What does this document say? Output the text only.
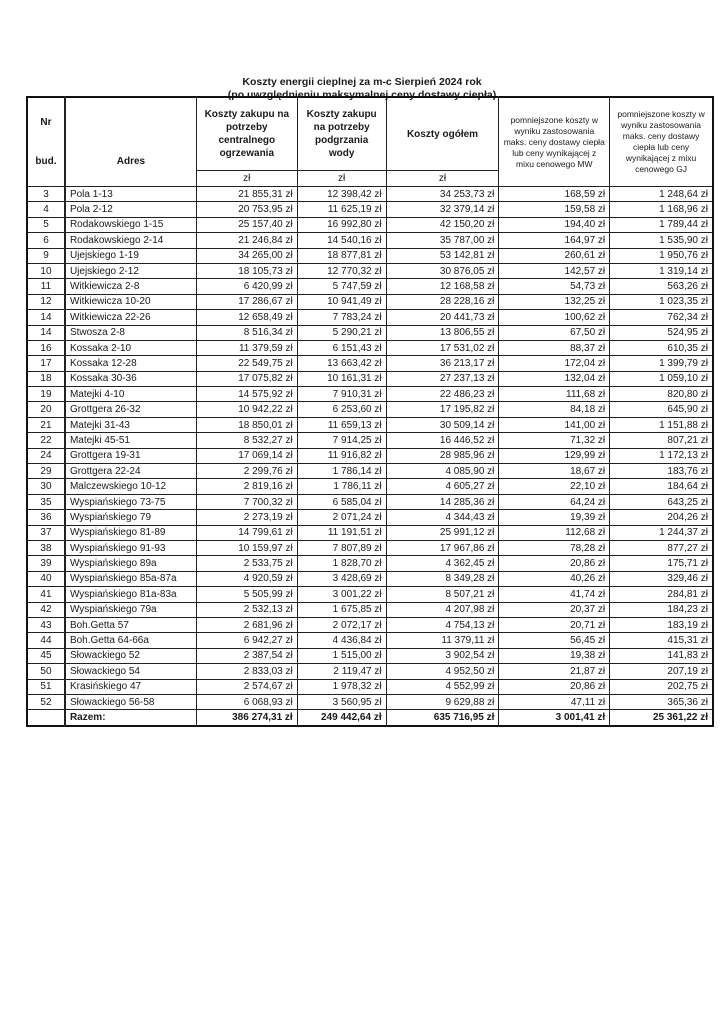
Koszty energii cieplnej za m-c Sierpień 2024 rok
(po uwzględnieniu maksymalnej ceny dostawy ciepła)
Nr
bud.	Adres	Koszty zakupu na potrzeby centralnego ogrzewania	Koszty zakupu na potrzeby podgrzania wody	Koszty ogółem	pomniejszone koszty w wyniku zastosowania maks. ceny dostawy ciepła lub ceny wynikającej z mixu cenowego MW	pomniejszone koszty w wyniku zastosowania maks. ceny dostawy ciepła lub ceny wynikającej z mixu cenowego GJ
		zł	zł	zł		
3	Pola 1-13	21 855,31 zł	12 398,42 zł	34 253,73 zł	168,59 zł	1 248,64 zł
4	Pola 2-12	20 753,95 zł	11 625,19 zł	32 379,14 zł	159,58 zł	1 168,96 zł
5	Rodakowskiego 1-15	25 157,40 zł	16 992,80 zł	42 150,20 zł	194,40 zł	1 789,44 zł
6	Rodakowskiego 2-14	21 246,84 zł	14 540,16 zł	35 787,00 zł	164,97 zł	1 535,90 zł
9	Ujejskiego 1-19	34 265,00 zł	18 877,81 zł	53 142,81 zł	260,61 zł	1 950,76 zł
10	Ujejskiego 2-12	18 105,73 zł	12 770,32 zł	30 876,05 zł	142,57 zł	1 319,14 zł
11	Witkiewicza 2-8	6 420,99 zł	5 747,59 zł	12 168,58 zł	54,73 zł	563,26 zł
12	Witkiewicza 10-20	17 286,67 zł	10 941,49 zł	28 228,16 zł	132,25 zł	1 023,35 zł
14	Witkiewicza 22-26	12 658,49 zł	7 783,24 zł	20 441,73 zł	100,62 zł	762,34 zł
14	Stwosza 2-8	8 516,34 zł	5 290,21 zł	13 806,55 zł	67,50 zł	524,95 zł
16	Kossaka 2-10	11 379,59 zł	6 151,43 zł	17 531,02 zł	88,37 zł	610,35 zł
17	Kossaka 12-28	22 549,75 zł	13 663,42 zł	36 213,17 zł	172,04 zł	1 399,79 zł
18	Kossaka 30-36	17 075,82 zł	10 161,31 zł	27 237,13 zł	132,04 zł	1 059,10 zł
19	Matejki 4-10	14 575,92 zł	7 910,31 zł	22 486,23 zł	111,68 zł	820,80 zł
20	Grottgera 26-32	10 942,22 zł	6 253,60 zł	17 195,82 zł	84,18 zł	645,90 zł
21	Matejki 31-43	18 850,01 zł	11 659,13 zł	30 509,14 zł	141,00 zł	1 151,88 zł
22	Matejki 45-51	8 532,27 zł	7 914,25 zł	16 446,52 zł	71,32 zł	807,21 zł
24	Grottgera 19-31	17 069,14 zł	11 916,82 zł	28 985,96 zł	129,99 zł	1 172,13 zł
29	Grottgera 22-24	2 299,76 zł	1 786,14 zł	4 085,90 zł	18,67 zł	183,76 zł
30	Malczewskiego 10-12	2 819,16 zł	1 786,11 zł	4 605,27 zł	22,10 zł	184,64 zł
35	Wyspiańskiego 73-75	7 700,32 zł	6 585,04 zł	14 285,36 zł	64,24 zł	643,25 zł
36	Wyspiańskiego 79	2 273,19 zł	2 071,24 zł	4 344,43 zł	19,39 zł	204,26 zł
37	Wyspiańskiego 81-89	14 799,61 zł	11 191,51 zł	25 991,12 zł	112,68 zł	1 244,37 zł
38	Wyspiańskiego 91-93	10 159,97 zł	7 807,89 zł	17 967,86 zł	78,28 zł	877,27 zł
39	Wyspiańskiego 89a	2 533,75 zł	1 828,70 zł	4 362,45 zł	20,86 zł	175,71 zł
40	Wyspiańskiego 85a-87a	4 920,59 zł	3 428,69 zł	8 349,28 zł	40,26 zł	329,46 zł
41	Wyspiańskiego 81a-83a	5 505,99 zł	3 001,22 zł	8 507,21 zł	41,74 zł	284,81 zł
42	Wyspiańskiego 79a	2 532,13 zł	1 675,85 zł	4 207,98 zł	20,37 zł	184,23 zł
43	Boh.Getta 57	2 681,96 zł	2 072,17 zł	4 754,13 zł	20,71 zł	183,19 zł
44	Boh.Getta 64-66a	6 942,27 zł	4 436,84 zł	11 379,11 zł	56,45 zł	415,31 zł
45	Słowackiego 52	2 387,54 zł	1 515,00 zł	3 902,54 zł	19,38 zł	141,83 zł
50	Słowackiego 54	2 833,03 zł	2 119,47 zł	4 952,50 zł	21,87 zł	207,19 zł
51	Krasińskiego 47	2 574,67 zł	1 978,32 zł	4 552,99 zł	20,86 zł	202,75 zł
52	Słowackiego 56-58	6 068,93 zł	3 560,95 zł	9 629,88 zł	47,11 zł	365,36 zł
	Razem:	386 274,31 zł	249 442,64 zł	635 716,95 zł	3 001,41 zł	25 361,22 zł
